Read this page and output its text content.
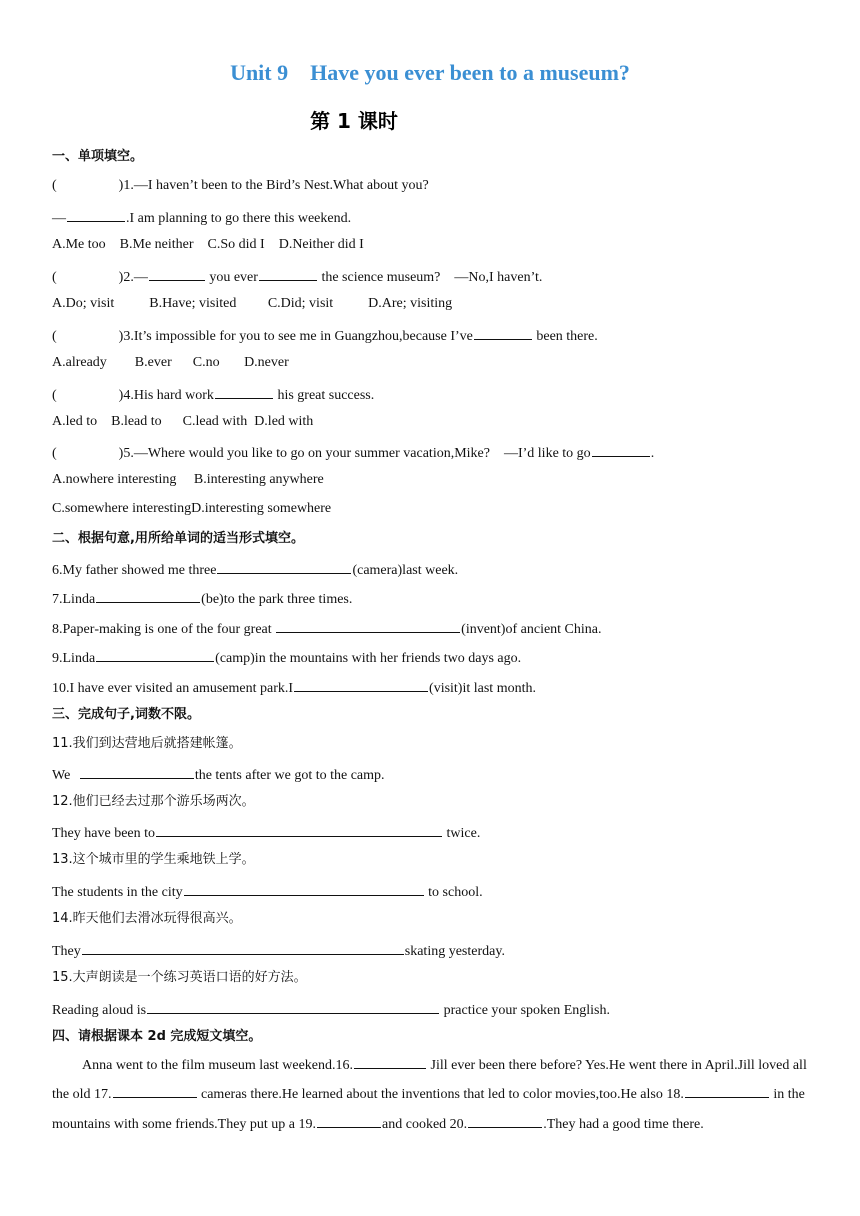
Unit 9    Have you ever been to a museum?
第 1 课时
一、单项填空。
(	)1.—I haven’t been to the Bird’s Nest.What about you?
—	.I am planning to go there this weekend.
A.Me too    B.Me neither    C.So did I    D.Neither did I
(	)2.—	you ever	the science museum?    —No,I haven’t.
A.Do; visit          B.Have; visited         C.Did; visit          D.Are; visiting
(	)3.It’s impossible for you to see me in Guangzhou,because I’ve	been there.
A.already        B.ever      C.no       D.never
(	)4.His hard work	his great success.
A.led to    B.lead to      C.lead with  D.led with
(	)5.—Where would you like to go on your summer vacation,Mike?    —I’d like to go	.
A.nowhere interesting     B.interesting anywhere
C.somewhere interestingD.interesting somewhere
二、根据句意,用所给单词的适当形式填空。
6.My father showed me three	(camera)last week.
7.Linda	(be)to the park three times.
8.Paper‑making is one of the four great	(invent)of ancient China.
9.Linda	(camp)in the mountains with her friends two days ago.
10.I have ever visited an amusement park.I	(visit)it last month.
三、完成句子,词数不限。
11.我们到达营地后就搭建帐篷。
We	the tents after we got to the camp.
12.他们已经去过那个游乐场两次。
They have been to	twice.
13.这个城市里的学生乘地铁上学。
The students in the city	to school.
14.昨天他们去滑冰玩得很高兴。
They	skating yesterday.
15.大声朗读是一个练习英语口语的好方法。
Reading aloud is	practice your spoken English.
四、请根据课本 2d 完成短文填空。
Anna went to the film museum last weekend.16.	Jill ever been there before? Yes.He went there in April.Jill loved all the old 17.	cameras there.He learned about the inventions that led to color movies,too.He also 18.	in the mountains with some friends.They put up a 19.	and cooked 20.	.They had a good time there.
